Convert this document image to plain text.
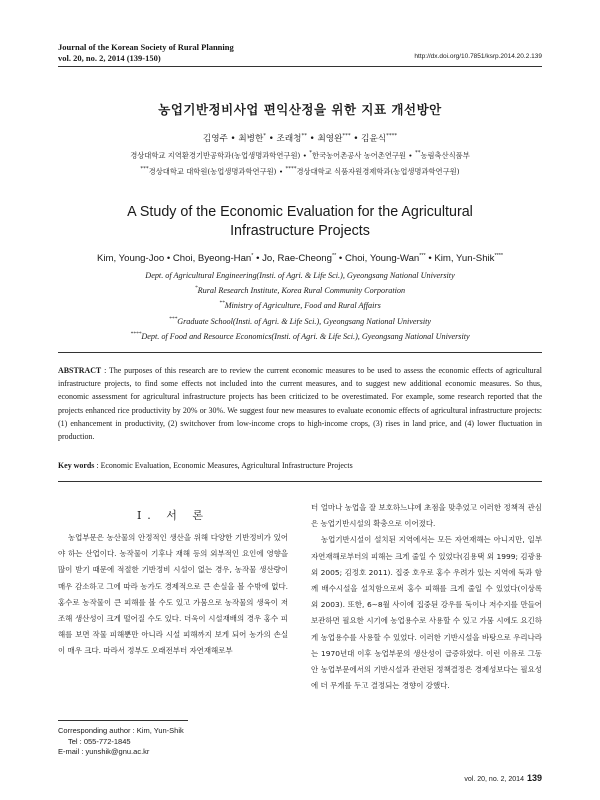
Journal of the Korean Society of Rural Planning
vol. 20, no. 2, 2014 (139-150)	http://dx.doi.org/10.7851/ksrp.2014.20.2.139
농업기반정비사업 편익산정을 위한 지표 개선방안
김영주 • 최병한* • 조래청** • 최영완*** • 김윤식****
경상대학교 지역환경기반공학과(농업생명과학연구원) • *한국농어촌공사 농어촌연구원 • **농림축산식품부
***경상대학교 대학원(농업생명과학연구원) • ****경상대학교 식품자원경제학과(농업생명과학연구원)
A Study of the Economic Evaluation for the Agricultural
Infrastructure Projects
Kim, Young-Joo • Choi, Byeong-Han* • Jo, Rae-Cheong** • Choi, Young-Wan*** • Kim, Yun-Shik****
Dept. of Agricultural Engineering(Insti. of Agri. & Life Sci.), Gyeongsang National University
*Rural Research Institute, Korea Rural Community Corporation
**Ministry of Agriculture, Food and Rural Affairs
***Graduate School(Insti. of Agri. & Life Sci.), Gyeongsang National University
****Dept. of Food and Resource Economics(Insti. of Agri. & Life Sci.), Gyeongsang National University

ABSTRACT : The purposes of this research are to review the current economic measures to be used to assess the economic effects of agricultural infrastructure projects, to find some effects not included into the current measures, and to suggest new additional economic measures. So thus, economic assessment for agricultural infrastructure projects has been criticized to be overestimated. For example, some research reported that the projects enhanced rice productivity by 20% or 30%. We suggest four new measures to evaluate economic effects of agricultural infrastructure projects: (1) enhancement in productivity, (2) switchover from low-income crops to high-income crops, (3) rises in land price, and (4) lower fluctuation in production.

Key words : Economic Evaluation, Economic Measures, Agricultural Infrastructure Projects

Ⅰ. 서 론

농업부문은 농산물의 안정적인 생산을 위해 다양한 기반정비가 있어야 하는 산업이다. 농작물이 기후나 재해 등의 외부적인 요인에 영향을 많이 받기 때문에 적절한 기반정비 시설이 없는 경우, 농작물 생산량이 매우 감소하고 그에 따라 농가도 경제적으로 큰 손실을 볼 수밖에 없다. 홍수로 농작물이 큰 피해를 볼 수도 있고 가뭄으로 농작물의 생육이 저조해 생산성이 크게 떨어질 수도 있다. 더욱이 시설재배의 경우 홍수 피해를 보면 작물 피해뿐만 아니라 시설 피해까지 보게 되어 농가의 손실이 매우 크다. 따라서 정부도 오래전부터 자연재해로부

터 얼마나 농업을 잘 보호하느냐에 초점을 맞추었고 이러한 정책적 관심은 농업기반시설의 확충으로 이어졌다.

농업기반시설이 설치된 지역에서는 모든 자연재해는 아니지만, 일부 자연재해로부터의 피해는 크게 줄일 수 있었다(김용택 외 1999; 김광용 외 2005; 김정호 2011). 집중 호우로 홍수 우려가 있는 지역에 둑과 함께 배수시설을 설치함으로써 홍수 피해를 크게 줄일 수 있었다(이상록 외 2003). 또한, 6∼8월 사이에 집중된 강우를 둑이나 저수지를 만들어 보관하면 필요한 시기에 농업용수로 사용할 수 있고 가뭄 시에도 요긴하게 농업용수를 사용할 수 있었다. 이러한 기반시설을 바탕으로 우리나라는 1970년대 이후 농업부문의 생산성이 급증하였다. 이런 이유로 그동안 농업부문에서의 기반시설과 관련된 정책결정은 경제성보다는 필요성에 더 무게를 두고 결정되는 경향이 강했다.

Corresponding author : Kim, Yun-Shik
Tel : 055-772-1845
E-mail : yunshik@gnu.ac.kr
vol. 20, no. 2, 2014 139
